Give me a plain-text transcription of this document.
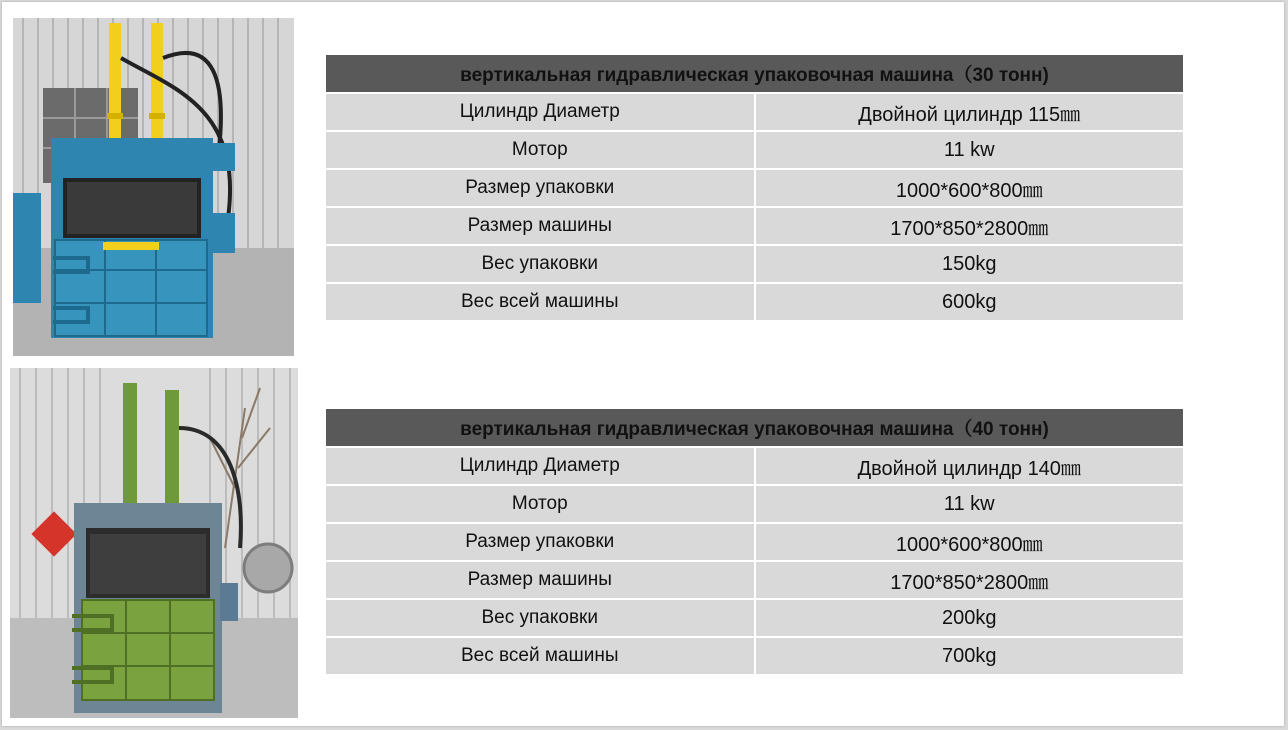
вертикальная гидравлическая упаковочная машина（30 тонн)	
Цилиндр Диаметр	Двойной цилиндр 115㎜
Мотор	11 kw
Размер упаковки	1000*600*800㎜
Размер машины	1700*850*2800㎜
Вес упаковки	150kg
Вес всей машины	600kg
вертикальная гидравлическая упаковочная машина（40 тонн)	
Цилиндр Диаметр	Двойной цилиндр 140㎜
Мотор	11 kw
Размер упаковки	1000*600*800㎜
Размер машины	1700*850*2800㎜
Вес упаковки	200kg
Вес всей машины	700kg
